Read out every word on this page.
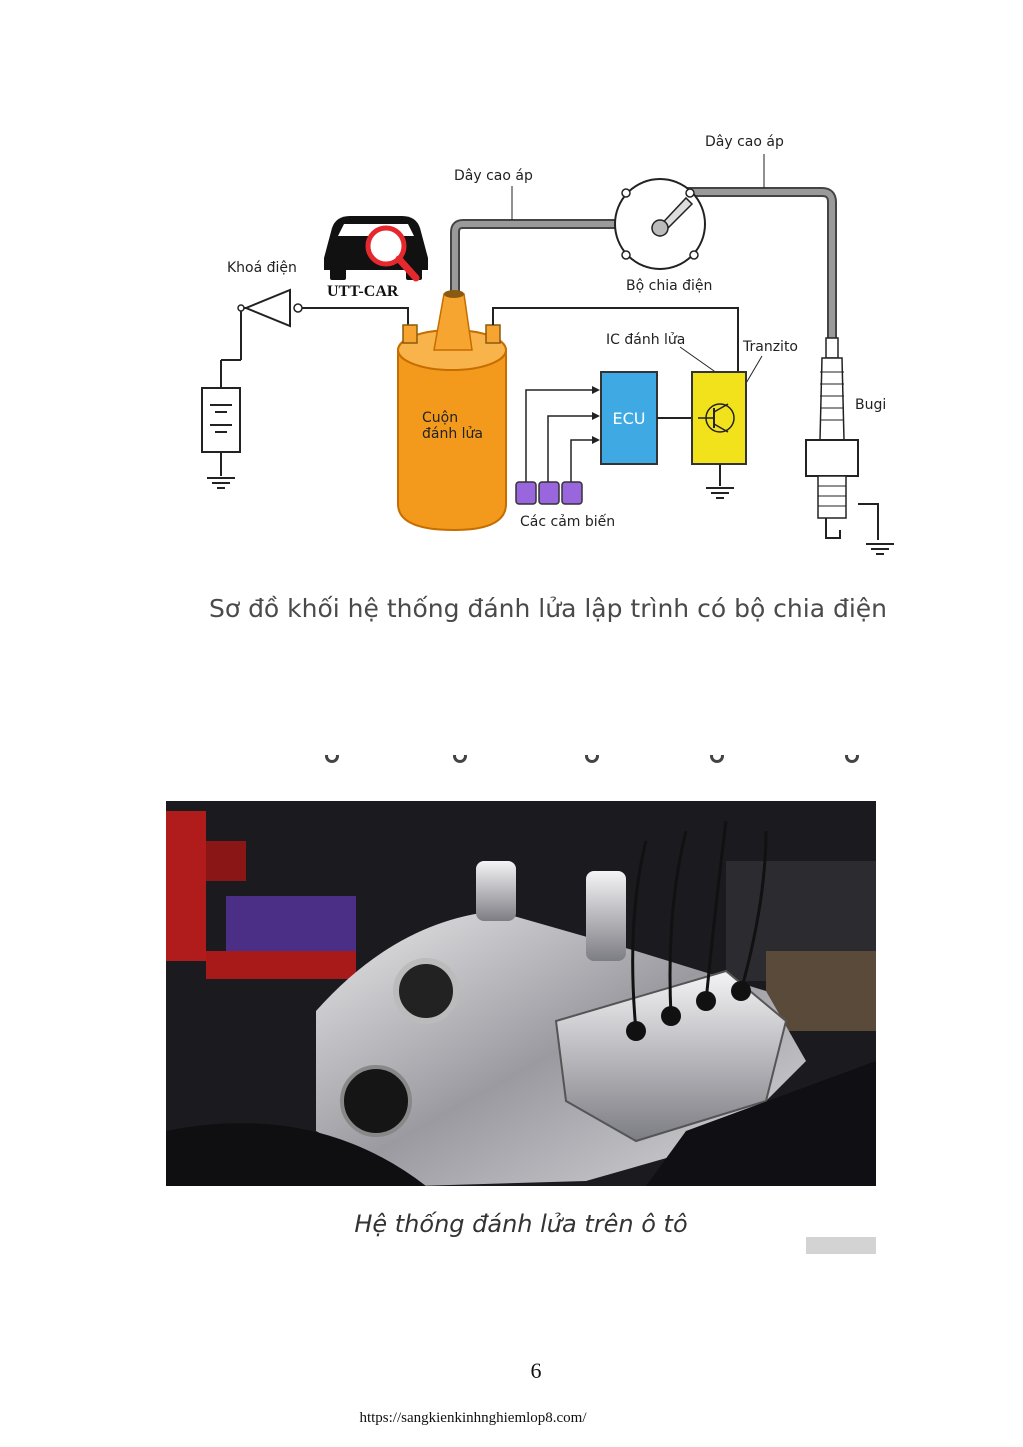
Cuộn
đánh lửa
Các cảm biến
ECU
UTT-CAR
Dây cao áp
Dây cao áp
Khoá điện
Bộ chia điện
IC đánh lửa	Tranzito
Bugi

Sơ đồ khối hệ thống đánh lửa lập trình có bộ chia điện

Hệ thống đánh lửa trên ô tô

6

https://sangkienkinhnghiemlop8.com/
